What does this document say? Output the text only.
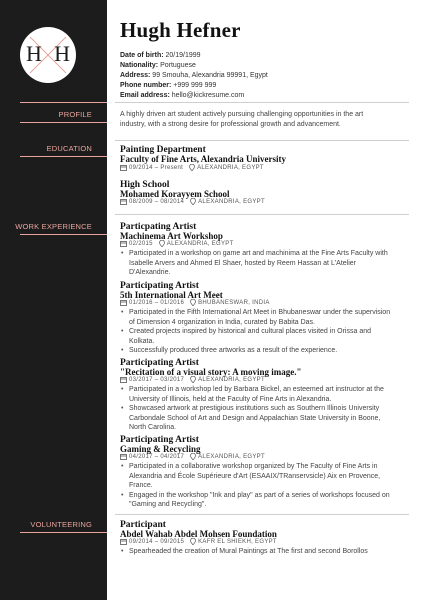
H H
PROFILE
EDUCATION
WORK EXPERIENCE
VOLUNTEERING
Hugh Hefner
Date of birth: 20/19/1999
Nationality: Portuguese
Address: 99 Smouha, Alexandria 99991, Egypt
Phone number: +999 999 999
Email address: hello@kickresume.com
A highly driven art student actively pursuing challenging opportunities in the art industry, with a strong desire for professional growth and advancement.
Painting Department
Faculty of Fine Arts, Alexandria University
09/2014 – Present ALEXANDRIA, EGYPT
High School
Mohamed Korayyem School
08/2009 – 08/2014 ALEXANDRIA, EGYPT
Particpating Artist
Machinema Art Workshop
02/2015 ALEXANDRIA, EGYPT
• Participated in a workshop on game art and machinima at the Fine Arts Faculty with Isabelle Arvers and Ahmed El Shaer, hosted by Reem Hassan at L'Atelier D'Alexandrie.
Participating Artist
5th International Art Meet
01/2016 – 01/2016 BHUBANESWAR, INDIA
• Participated in the Fifth International Art Meet in Bhubaneswar under the supervision of Dimension 4 organization in India, curated by Babita Das.
• Created projects inspired by historical and cultural places visited in Orissa and Kolkata.
• Successfully produced three artworks as a result of the experience.
Participating Artist
"Recitation of a visual story: A moving image."
03/2017 – 03/2017 ALEXANDRIA, EGYPT
• Participated in a workshop led by Barbara Bickel, an esteemed art instructor at the University of Illinois, held at the Faculty of Fine Arts in Alexandria.
• Showcased artwork at prestigious institutions such as Southern Illinois University Carbondale School of Art and Design and Appalachian State University in Boone, North Carolina.
Participating Artist
Gaming & Recycling
04/2017 – 04/2017 ALEXANDRIA, EGYPT
• Participated in a collaborative workshop organized by The Faculty of Fine Arts in Alexandria and École Supérieure d'Art (ESAAIX/TRanservsicle) Aix en Provence, France.
• Engaged in the workshop "Ink and play" as part of a series of workshops focused on "Gaming and Recycling".
Participant
Abdel Wahab Abdel Mohsen Foundation
09/2014 – 09/2015 KAFR EL SHIEKH, EGYPT
• Spearheaded the creation of Mural Paintings at The first and second Borollos
